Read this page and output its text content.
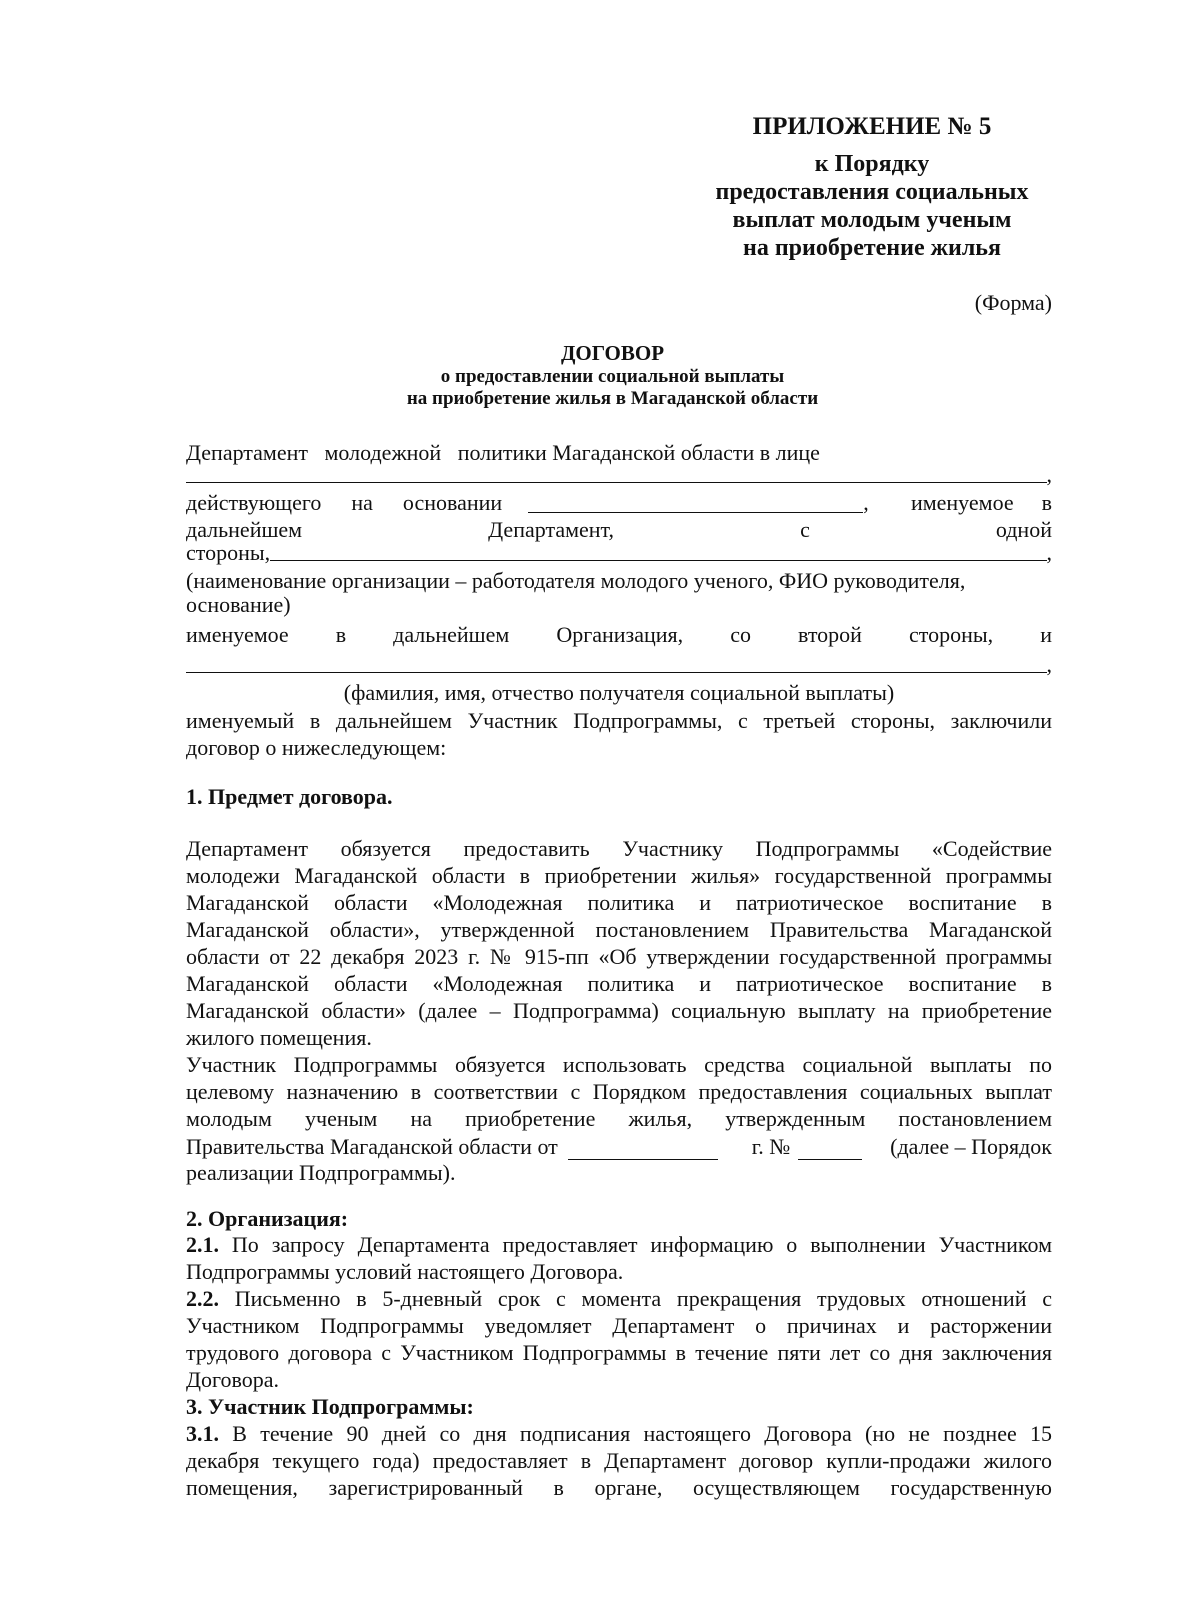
ПРИЛОЖЕНИЕ № 5
к Порядку
предоставления социальных
выплат молодым ученым
на приобретение жилья
(Форма)
ДОГОВОР
о предоставлении социальной выплаты
на приобретение жилья в Магаданской области
Департамент   молодежной   политики Магаданской области в лице
,
действующего на основании	, именуемое в
дальнейшем	Департамент,	с	одной
стороны,	,
(наименование организации – работодателя молодого ученого, ФИО руководителя,
основание)
именуемое в дальнейшем Организация, со второй стороны, и
,
(фамилия, имя, отчество получателя социальной выплаты)
именуемый в дальнейшем Участник Подпрограммы, с третьей стороны, заключили
договор о нижеследующем:
1. Предмет договора.
Департамент обязуется предоставить Участнику Подпрограммы «Содействие
молодежи Магаданской области в приобретении жилья» государственной программы
Магаданской области «Молодежная политика и патриотическое воспитание в
Магаданской области», утвержденной постановлением Правительства Магаданской
области от 22 декабря 2023 г. № 915-пп «Об утверждении государственной программы
Магаданской области «Молодежная политика и патриотическое воспитание в
Магаданской области» (далее – Подпрограмма) социальную выплату на приобретение
жилого помещения.
Участник Подпрограммы обязуется использовать средства социальной выплаты по
целевому назначению в соответствии с Порядком предоставления социальных выплат
молодым ученым на приобретение жилья, утвержденным постановлением
Правительства Магаданской области от	г. №	(далее – Порядок
реализации Подпрограммы).
2. Организация:
2.1. По запросу Департамента предоставляет информацию о выполнении Участником
Подпрограммы условий настоящего Договора.
2.2. Письменно в 5-дневный срок с момента прекращения трудовых отношений с
Участником Подпрограммы уведомляет Департамент о причинах и расторжении
трудового договора с Участником Подпрограммы в течение пяти лет со дня заключения
Договора.
3. Участник Подпрограммы:
3.1. В течение 90 дней со дня подписания настоящего Договора (но не позднее 15
декабря текущего года) предоставляет в Департамент договор купли-продажи жилого
помещения, зарегистрированный в органе, осуществляющем государственную
